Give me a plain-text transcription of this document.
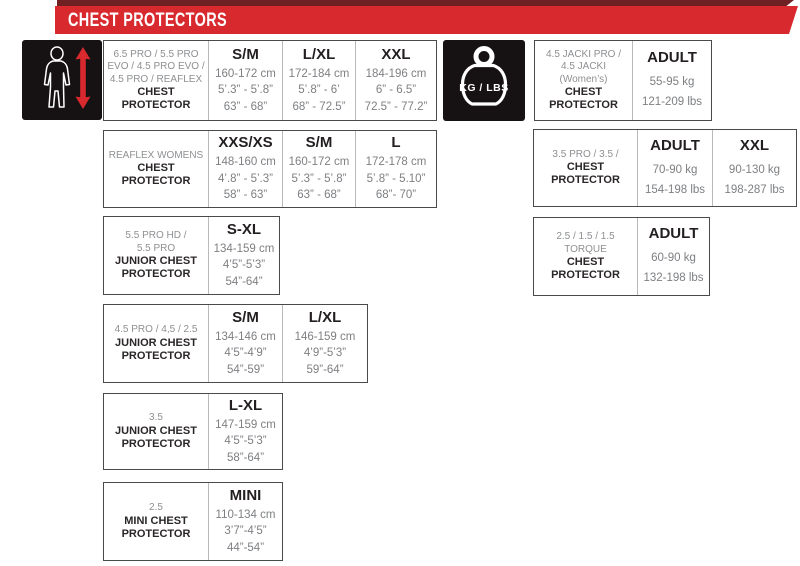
CHEST PROTECTORS
KG / LBS
6.5 PRO / 5.5 PRO
EVO / 4.5 PRO EVO /
4.5 PRO / REAFLEX
CHEST
PROTECTOR
S/M
160-172 cm
5’.3” - 5’.8”
63” - 68”
L/XL
172-184 cm
5’.8” - 6’
68” - 72.5”
XXL
184-196 cm
6” - 6.5”
72.5” - 77.2”
REAFLEX WOMENS
CHEST
PROTECTOR
XXS/XS
148-160 cm
4’.8” - 5’.3”
58” - 63”
S/M
160-172 cm
5’.3” - 5’.8”
63” - 68”
L
172-178 cm
5’.8” - 5.10”
68”- 70”
5.5 PRO HD /
5.5 PRO
JUNIOR CHEST
PROTECTOR
S-XL
134-159 cm
4’5”-5’3”
54”-64”
4.5 PRO / 4,5 / 2.5
JUNIOR CHEST
PROTECTOR
S/M
134-146 cm
4’5”-4’9”
54”-59”
L/XL
146-159 cm
4’9”-5’3”
59”-64”
3.5
JUNIOR CHEST
PROTECTOR
L-XL
147-159 cm
4’5”-5’3”
58”-64”
2.5
MINI CHEST
PROTECTOR
MINI
110-134 cm
3’7”-4’5”
44”-54”
4.5 JACKI PRO /
4.5 JACKI
(Women’s)
CHEST
PROTECTOR
ADULT
55-95 kg
121-209 lbs
3.5 PRO / 3.5 /
CHEST
PROTECTOR
ADULT
70-90 kg
154-198 lbs
XXL
90-130 kg
198-287 lbs
2.5 / 1.5 / 1.5
TORQUE
CHEST
PROTECTOR
ADULT
60-90 kg
132-198 lbs
